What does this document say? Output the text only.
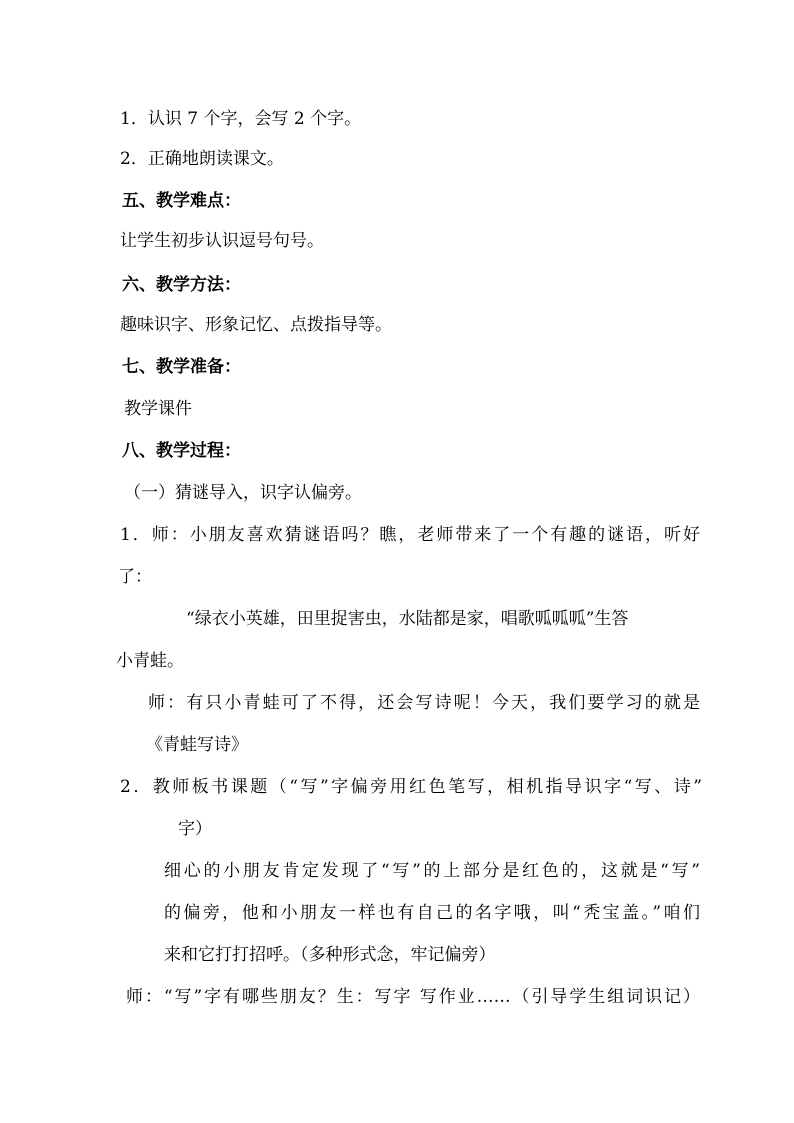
1．认识 7 个字，会写 2 个字。

2．正确地朗读课文。

五、教学难点：

让学生初步认识逗号句号。

六、教学方法：

趣味识字、形象记忆、点拨指导等。

七、教学准备：

教学课件

八、教学过程：

（一）猜谜导入，识字认偏旁。

1．师：小朋友喜欢猜谜语吗？瞧，老师带来了一个有趣的谜语，听好

了：

“绿衣小英雄，田里捉害虫，水陆都是家，唱歌呱呱呱”生答

小青蛙。

师：有只小青蛙可了不得，还会写诗呢！今天，我们要学习的就是

《青蛙写诗》

2．教师板书课题（“写”字偏旁用红色笔写，相机指导识字“写、诗”

字）

细心的小朋友肯定发现了“写”的上部分是红色的，这就是“写”

的偏旁，他和小朋友一样也有自己的名字哦，叫“秃宝盖。”咱们

来和它打打招呼。（多种形式念，牢记偏旁）

师：“写”字有哪些朋友？生：写字 写作业……（引导学生组词识记）
